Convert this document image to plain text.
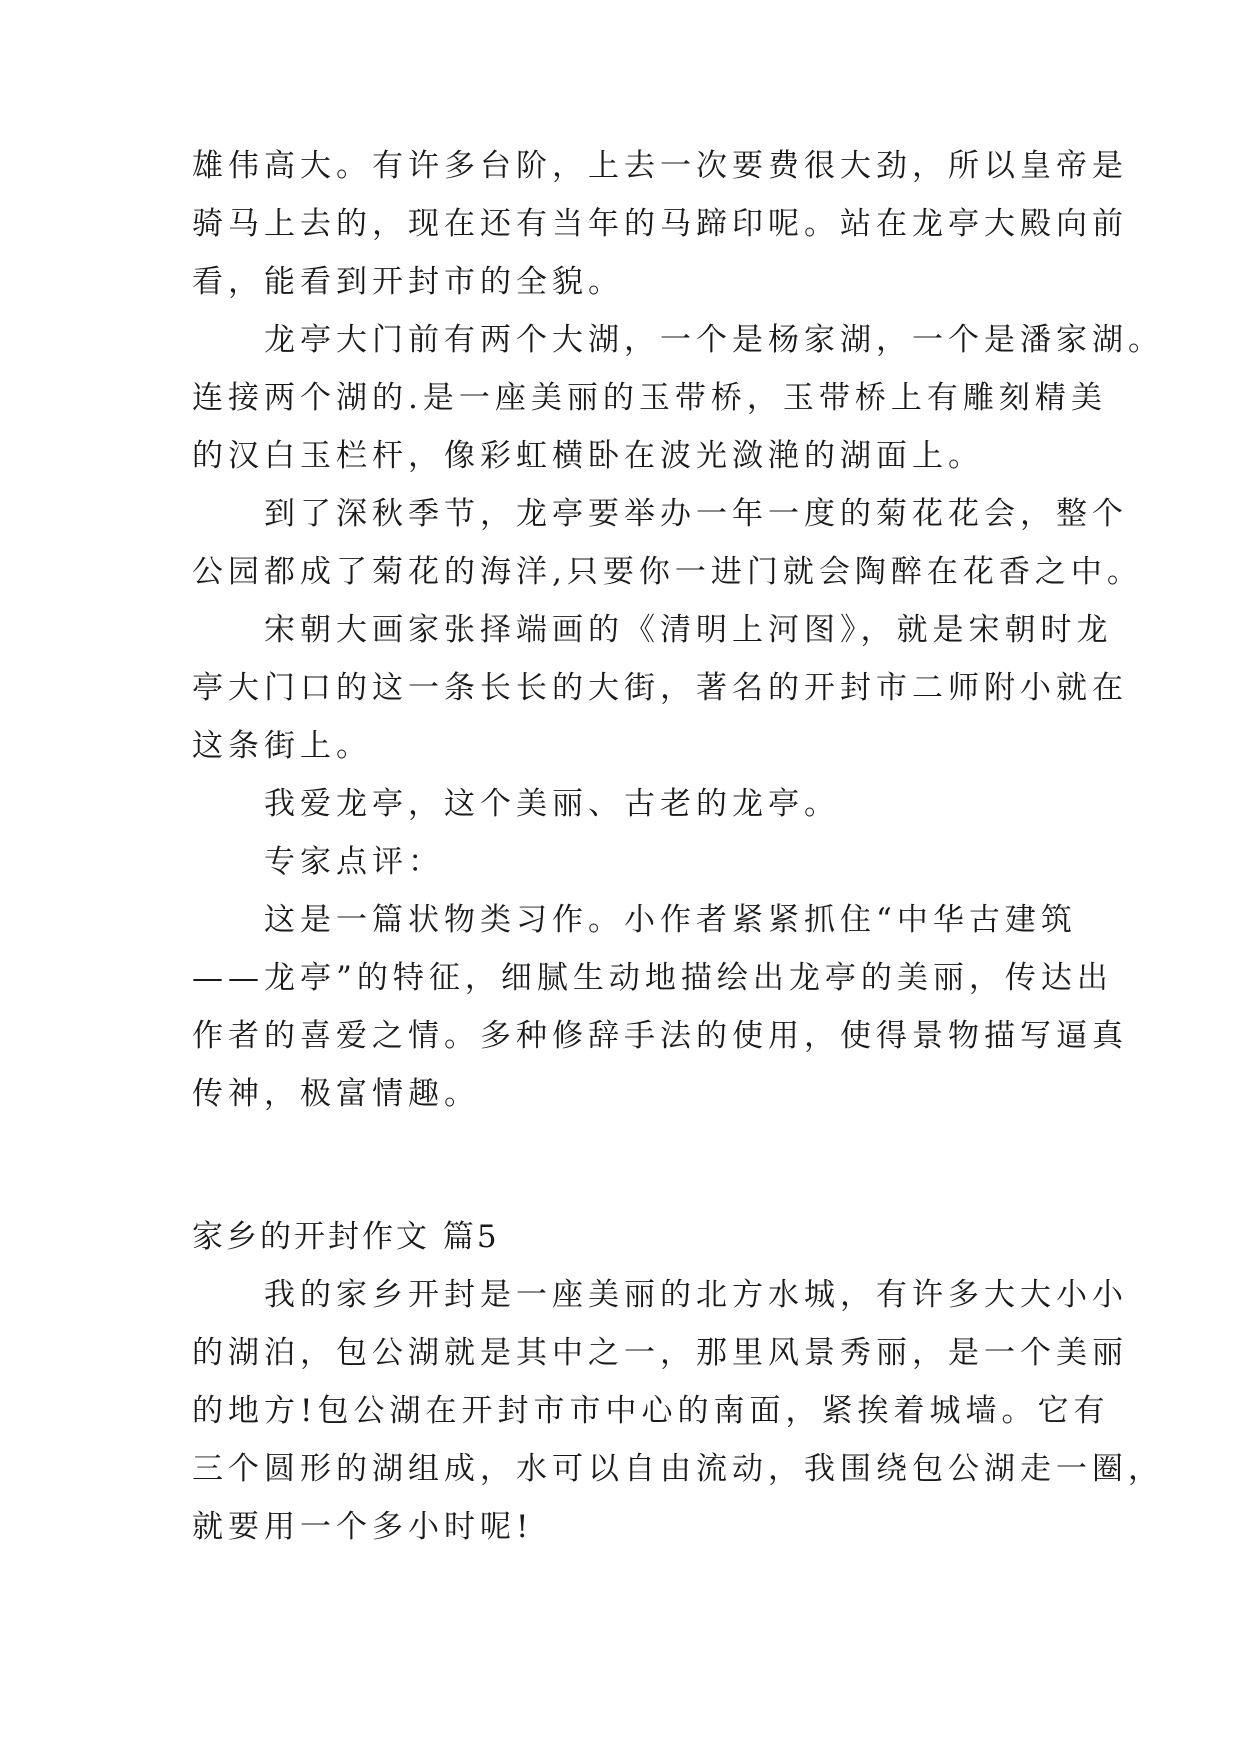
雄伟高大。有许多台阶，上去一次要费很大劲，所以皇帝是
骑马上去的，现在还有当年的马蹄印呢。站在龙亭大殿向前
看，能看到开封市的全貌。
　　龙亭大门前有两个大湖，一个是杨家湖，一个是潘家湖。
连接两个湖的.是一座美丽的玉带桥，玉带桥上有雕刻精美
的汉白玉栏杆，像彩虹横卧在波光潋滟的湖面上。
　　到了深秋季节，龙亭要举办一年一度的菊花花会，整个
公园都成了菊花的海洋,只要你一进门就会陶醉在花香之中。
　　宋朝大画家张择端画的《清明上河图》，就是宋朝时龙
亭大门口的这一条长长的大街，著名的开封市二师附小就在
这条街上。
　　我爱龙亭，这个美丽、古老的龙亭。
　　专家点评：
　　这是一篇状物类习作。小作者紧紧抓住“中华古建筑
——龙亭”的特征，细腻生动地描绘出龙亭的美丽，传达出
作者的喜爱之情。多种修辞手法的使用，使得景物描写逼真
传神，极富情趣。
家乡的开封作文 篇5
　　我的家乡开封是一座美丽的北方水城，有许多大大小小
的湖泊，包公湖就是其中之一，那里风景秀丽，是一个美丽
的地方!包公湖在开封市市中心的南面，紧挨着城墙。它有
三个圆形的湖组成，水可以自由流动，我围绕包公湖走一圈，
就要用一个多小时呢!
